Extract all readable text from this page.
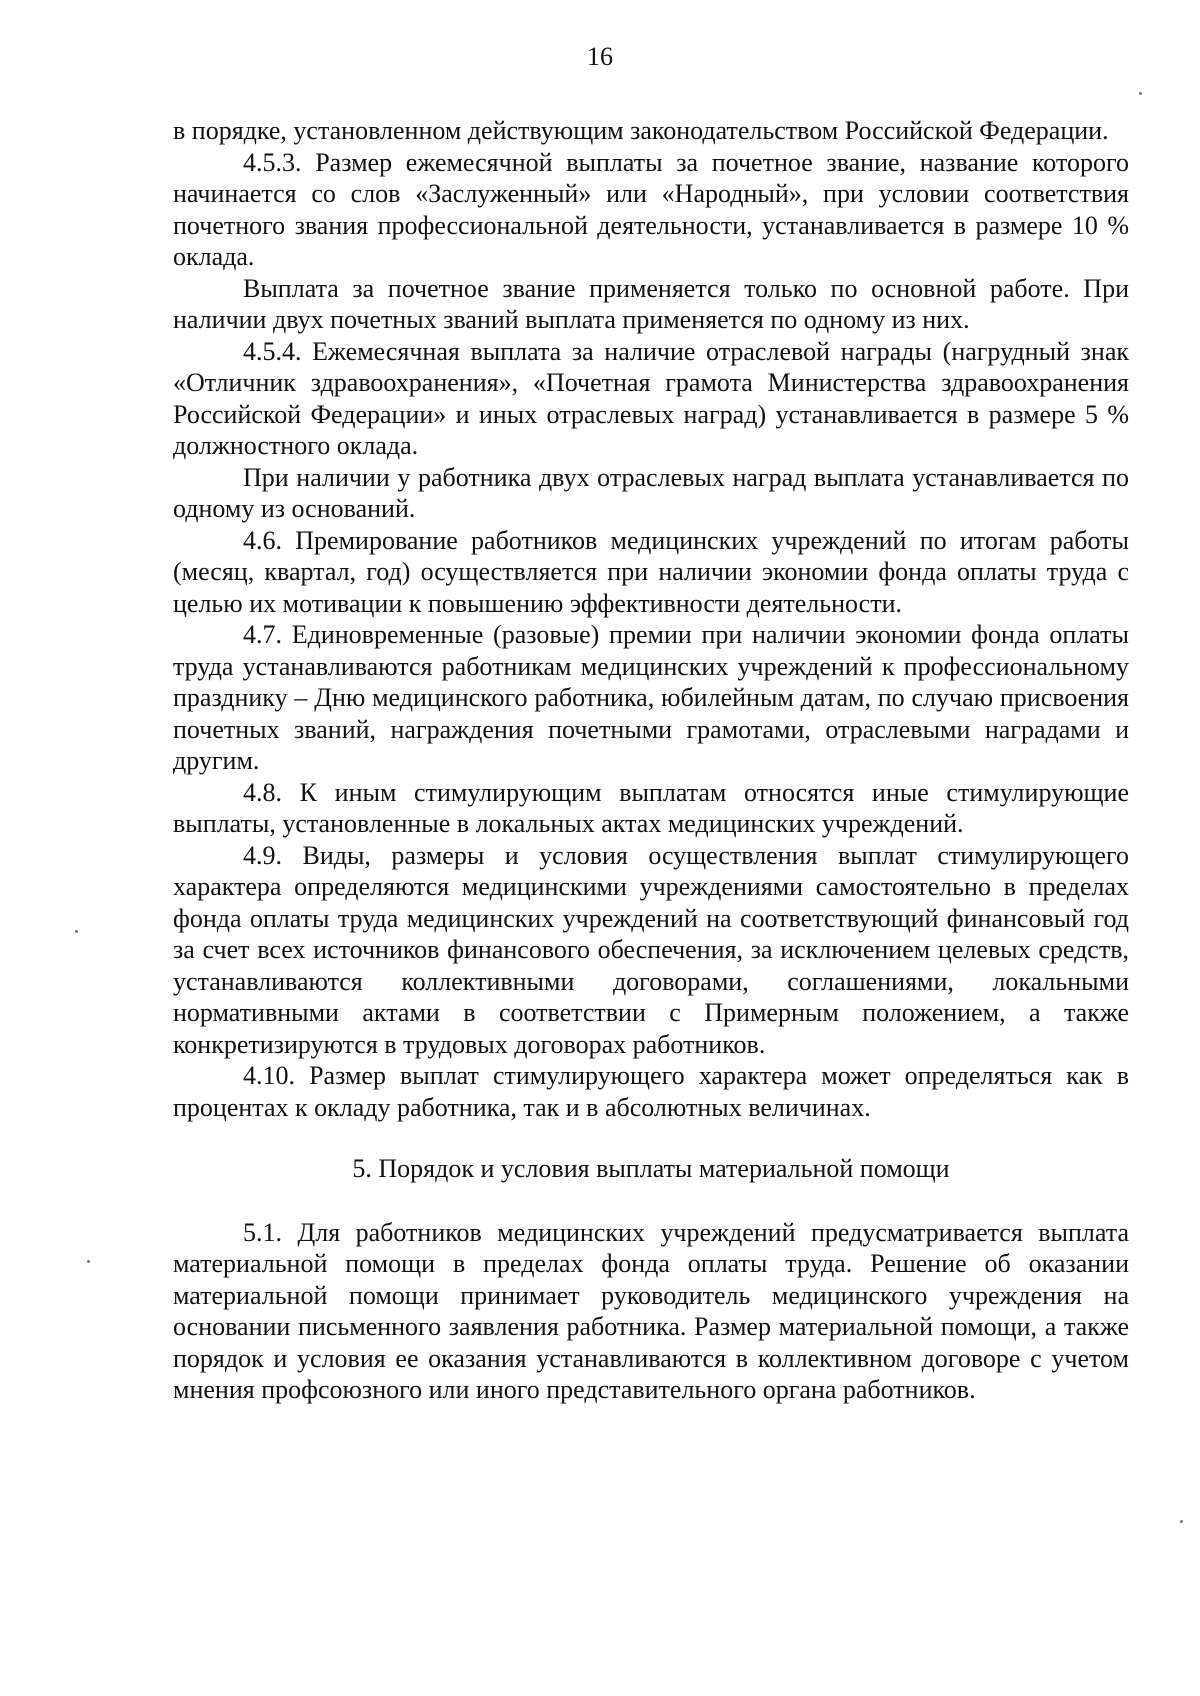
16

в порядке, установленном действующим законодательством Российской Федерации.

4.5.3. Размер ежемесячной выплаты за почетное звание, название которого начинается со слов «Заслуженный» или «Народный», при условии соответствия почетного звания профессиональной деятельности, устанавливается в размере 10 % оклада.

Выплата за почетное звание применяется только по основной работе. При наличии двух почетных званий выплата применяется по одному из них.

4.5.4. Ежемесячная выплата за наличие отраслевой награды (нагрудный знак «Отличник здравоохранения», «Почетная грамота Министерства здравоохранения Российской Федерации» и иных отраслевых наград) устанавливается в размере 5 % должностного оклада.

При наличии у работника двух отраслевых наград выплата устанавливается по одному из оснований.

4.6. Премирование работников медицинских учреждений по итогам работы (месяц, квартал, год) осуществляется при наличии экономии фонда оплаты труда с целью их мотивации к повышению эффективности деятельности.

4.7. Единовременные (разовые) премии при наличии экономии фонда оплаты труда устанавливаются работникам медицинских учреждений к профессиональному празднику – Дню медицинского работника, юбилейным датам, по случаю присвоения почетных званий, награждения почетными грамотами, отраслевыми наградами и другим.

4.8. К иным стимулирующим выплатам относятся иные стимулирующие выплаты, установленные в локальных актах медицинских учреждений.

4.9. Виды, размеры и условия осуществления выплат стимулирующего характера определяются медицинскими учреждениями самостоятельно в пределах фонда оплаты труда медицинских учреждений на соответствующий финансовый год за счет всех источников финансового обеспечения, за исключением целевых средств, устанавливаются коллективными договорами, соглашениями, локальными нормативными актами в соответствии с Примерным положением, а также конкретизируются в трудовых договорах работников.

4.10. Размер выплат стимулирующего характера может определяться как в процентах к окладу работника, так и в абсолютных величинах.

5. Порядок и условия выплаты материальной помощи

5.1. Для работников медицинских учреждений предусматривается выплата материальной помощи в пределах фонда оплаты труда. Решение об оказании материальной помощи принимает руководитель медицинского учреждения на основании письменного заявления работника. Размер материальной помощи, а также порядок и условия ее оказания устанавливаются в коллективном договоре с учетом мнения профсоюзного или иного представительного органа работников.
